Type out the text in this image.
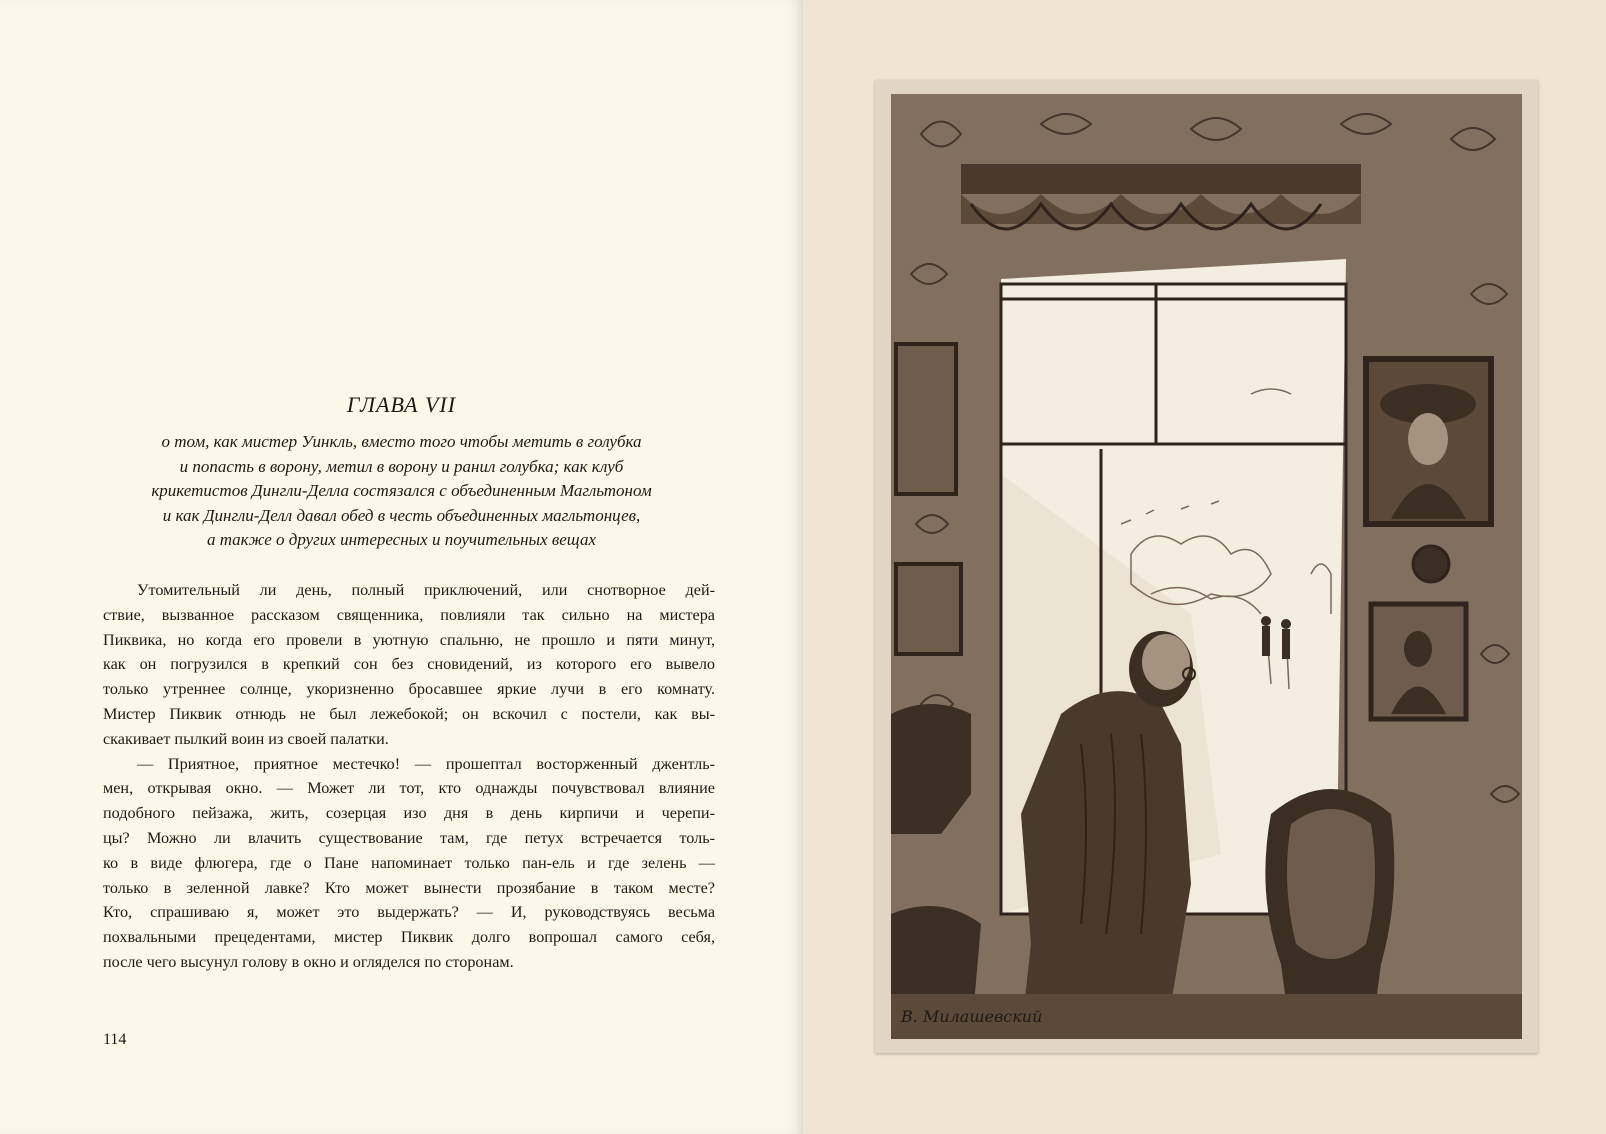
ГЛАВА VII
о том, как мистер Уинкль, вместо того чтобы метить в голубка
и попасть в ворону, метил в ворону и ранил голубка; как клуб
крикетистов Дингли-Делла состязался с объединенным Магльтоном
и как Дингли-Делл давал обед в честь объединенных магльтонцев,
а также о других интересных и поучительных вещах
Утомительный ли день, полный приключений, или снотворное дей-
ствие, вызванное рассказом священника, повлияли так сильно на мистера
Пиквика, но когда его провели в уютную спальню, не прошло и пяти минут,
как он погрузился в крепкий сон без сновидений, из которого его вывело
только утреннее солнце, укоризненно бросавшее яркие лучи в его комнату.
Мистер Пиквик отнюдь не был лежебокой; он вскочил с постели, как вы-
скакивает пылкий воин из своей палатки.
— Приятное, приятное местечко! — прошептал восторженный джентль-
мен, открывая окно. — Может ли тот, кто однажды почувствовал влияние
подобного пейзажа, жить, созерцая изо дня в день кирпичи и черепи-
цы? Можно ли влачить существование там, где петух встречается толь-
ко в виде флюгера, где о Пане напоминает только пан-ель и где зелень —
только в зеленной лавке? Кто может вынести прозябание в таком месте?
Кто, спрашиваю я, может это выдержать? — И, руководствуясь весьма
похвальными прецедентами, мистер Пиквик долго вопрошал самого себя,
после чего высунул голову в окно и огляделся по сторонам.
114
В. Милашевский
